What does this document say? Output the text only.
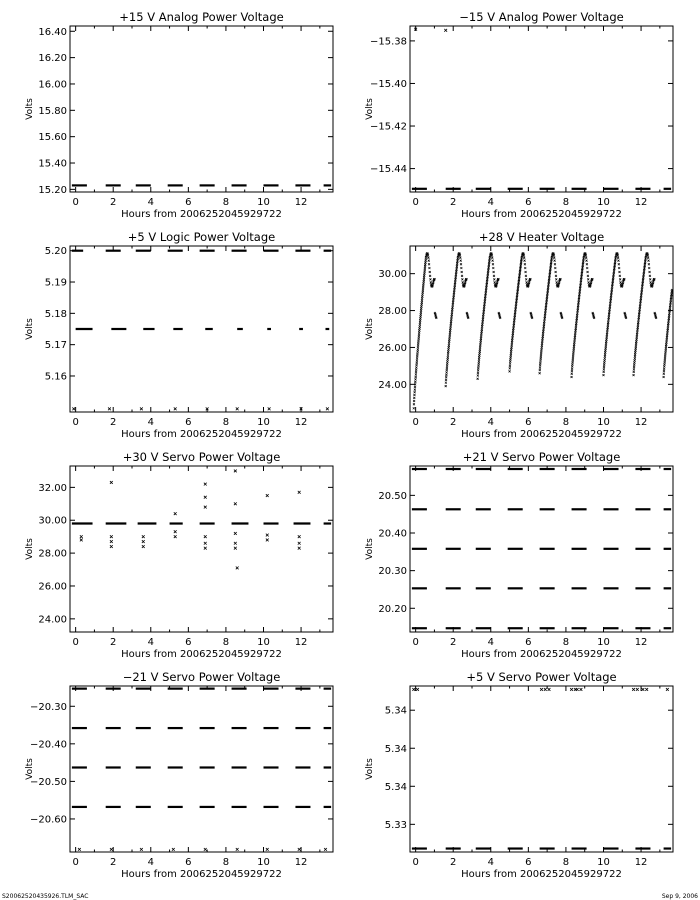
+15 V Analog Power Voltage
0	2	4	6	8	10 12
15.20
15.40
15.60
15.80
16.00
16.20
16.40
Hours from 2006252045929722
Volts
−15 V Analog Power Voltage
0	2	4	6	8	10 12
−15.38
−15.40
−15.42
−15.44
Hours from 2006252045929722
Volts
+5 V Logic Power Voltage
0	2	4	6	8	10 12
5.16
5.17
5.18
5.19
5.20
Hours from 2006252045929722
Volts
+28 V Heater Voltage
0	2	4	6	8	10 12
24.00
26.00
28.00
30.00
Hours from 2006252045929722
Volts
+30 V Servo Power Voltage
0	2	4	6	8	10 12
24.00
26.00
28.00
30.00
32.00
Hours from 2006252045929722
Volts
+21 V Servo Power Voltage
0	2	4	6	8	10 12
20.20
20.30
20.40
20.50
Hours from 2006252045929722
Volts
−21 V Servo Power Voltage
0	2	4	6	8	10 12
−20.30
−20.40
−20.50
−20.60
Hours from 2006252045929722
Volts
+5 V Servo Power Voltage
0	2	4	6	8	10 12
5.33
5.34
5.34
5.34
Hours from 2006252045929722
Volts
S20062520435926.TLM_SAC	Sep 9, 2006
